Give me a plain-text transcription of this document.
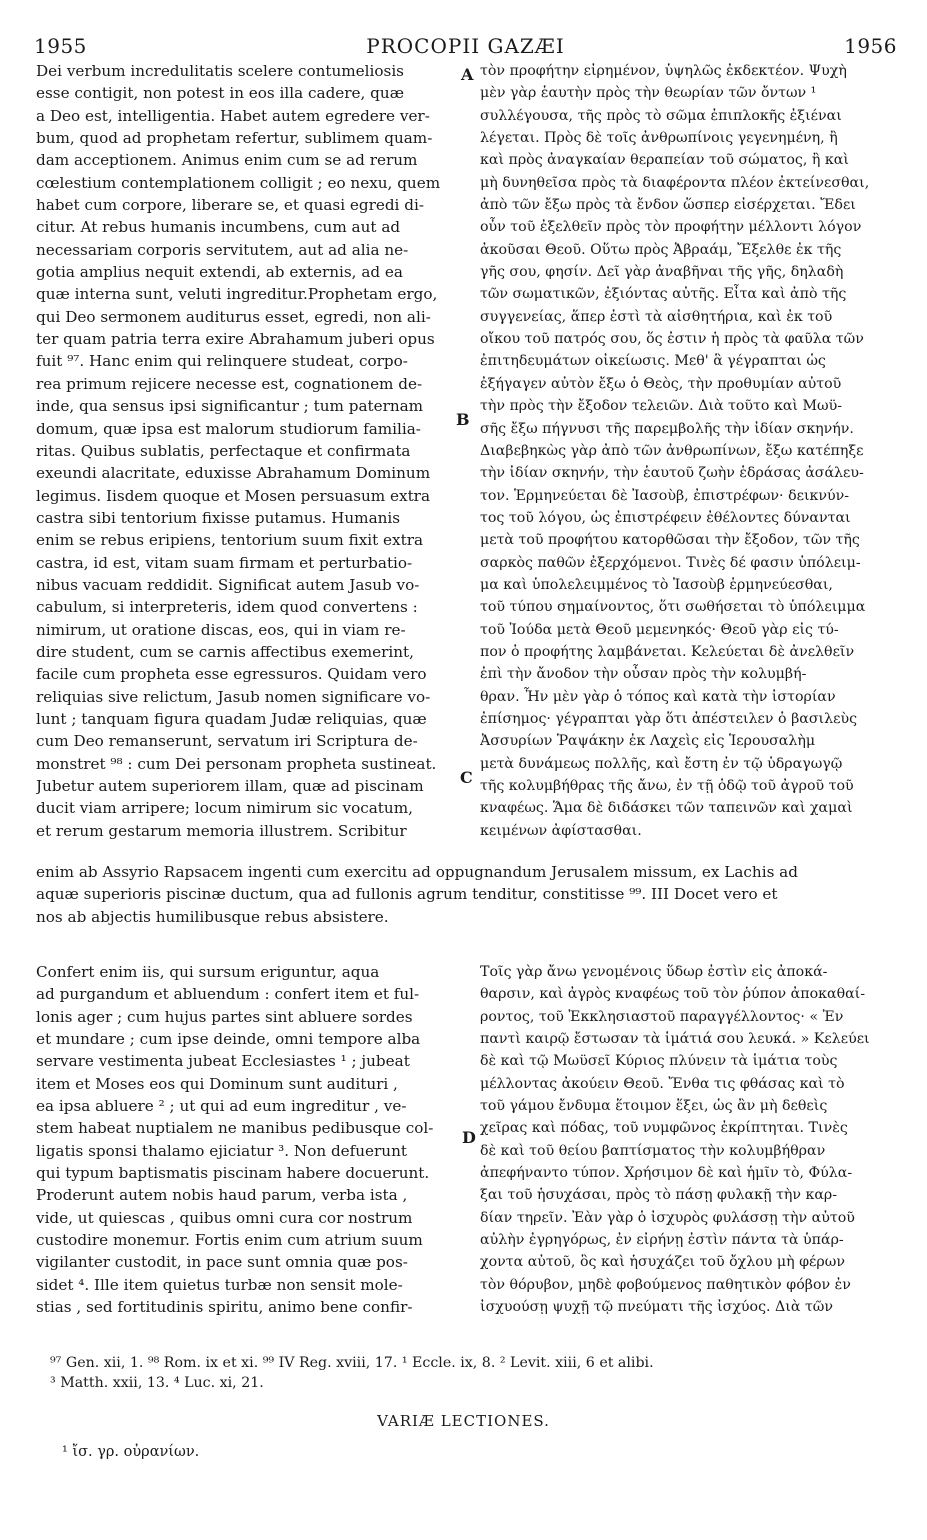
1955	PROCOPII GAZÆI	1956
Dei verbum incredulitatis scelere contumeliosis
esse contigit, non potest in eos illa cadere, quæ
a Deo est, intelligentia. Habet autem egredere ver-
bum, quod ad prophetam refertur, sublimem quam-
dam acceptionem. Animus enim cum se ad rerum
cœlestium contemplationem colligit ; eo nexu, quem
habet cum corpore, liberare se, et quasi egredi di-
citur. At rebus humanis incumbens, cum aut ad
necessariam corporis servitutem, aut ad alia ne-
gotia amplius nequit extendi, ab externis, ad ea
quæ interna sunt, veluti ingreditur.Prophetam ergo,
qui Deo sermonem auditurus esset, egredi, non ali-
ter quam patria terra exire Abrahamum juberi opus
fuit ⁹⁷. Hanc enim qui relinquere studeat, corpo-
rea primum rejicere necesse est, cognationem de-
inde, qua sensus ipsi significantur ; tum paternam
domum, quæ ipsa est malorum studiorum familia-
ritas. Quibus sublatis, perfectaque et confirmata
exeundi alacritate, eduxisse Abrahamum Dominum
legimus. Iisdem quoque et Mosen persuasum extra
castra sibi tentorium fixisse putamus. Humanis
enim se rebus eripiens, tentorium suum fixit extra
castra, id est, vitam suam firmam et perturbatio-
nibus vacuam reddidit. Significat autem Jasub vo-
cabulum, si interpreteris, idem quod convertens :
nimirum, ut oratione discas, eos, qui in viam re-
dire student, cum se carnis affectibus exemerint,
facile cum propheta esse egressuros. Quidam vero
reliquias sive relictum, Jasub nomen significare vo-
lunt ; tanquam figura quadam Judæ reliquias, quæ
cum Deo remanserunt, servatum iri Scriptura de-
monstret ⁹⁸ : cum Dei personam propheta sustineat.
Jubetur autem superiorem illam, quæ ad piscinam
ducit viam arripere; locum nimirum sic vocatum,
et rerum gestarum memoria illustrem. Scribitur
τὸν προφήτην εἰρημένον, ὑψηλῶς ἐκδεκτέον. Ψυχὴ
μὲν γὰρ ἑαυτὴν πρὸς τὴν θεωρίαν τῶν ὄντων ¹
συλλέγουσα, τῆς πρὸς τὸ σῶμα ἐπιπλοκῆς ἐξιέναι
λέγεται. Πρὸς δὲ τοῖς ἀνθρωπίνοις γεγενημένη, ἢ
καὶ πρὸς ἀναγκαίαν θεραπείαν τοῦ σώματος, ἢ καὶ
μὴ δυνηθεῖσα πρὸς τὰ διαφέροντα πλέον ἐκτείνεσθαι,
ἀπὸ τῶν ἔξω πρὸς τὰ ἔνδον ὥσπερ εἰσέρχεται. Ἔδει
οὖν τοῦ ἐξελθεῖν πρὸς τὸν προφήτην μέλλοντι λόγον
ἀκοῦσαι Θεοῦ. Οὕτω πρὸς Ἀβραάμ, Ἔξελθε ἐκ τῆς
γῆς σου, φησίν. Δεῖ γὰρ ἀναβῆναι τῆς γῆς, δηλαδὴ
τῶν σωματικῶν, ἐξιόντας αὐτῆς. Εἶτα καὶ ἀπὸ τῆς
συγγενείας, ἅπερ ἐστὶ τὰ αἰσθητήρια, καὶ ἐκ τοῦ
οἴκου τοῦ πατρός σου, ὅς ἐστιν ἡ πρὸς τὰ φαῦλα τῶν
ἐπιτηδευμάτων οἰκείωσις. Μεθ' ἃ γέγραπται ὡς
ἐξήγαγεν αὐτὸν ἔξω ὁ Θεὸς, τὴν προθυμίαν αὐτοῦ
τὴν πρὸς τὴν ἔξοδον τελειῶν. Διὰ τοῦτο καὶ Μωϋ-
σῆς ἔξω πήγνυσι τῆς παρεμβολῆς τὴν ἰδίαν σκηνήν.
Διαβεβηκὼς γὰρ ἀπὸ τῶν ἀνθρωπίνων, ἔξω κατέπηξε
τὴν ἰδίαν σκηνήν, τὴν ἑαυτοῦ ζωὴν ἑδράσας ἀσάλευ-
τον. Ἑρμηνεύεται δὲ Ἰασοὺβ, ἐπιστρέφων· δεικνύν-
τος τοῦ λόγου, ὡς ἐπιστρέφειν ἐθέλοντες δύνανται
μετὰ τοῦ προφήτου κατορθῶσαι τὴν ἔξοδον, τῶν τῆς
σαρκὸς παθῶν ἐξερχόμενοι. Τινὲς δέ φασιν ὑπόλειμ-
μα καὶ ὑπολελειμμένος τὸ Ἰασοὺβ ἑρμηνεύεσθαι,
τοῦ τύπου σημαίνοντος, ὅτι σωθήσεται τὸ ὑπόλειμμα
τοῦ Ἰούδα μετὰ Θεοῦ μεμενηκός· Θεοῦ γὰρ εἰς τύ-
πον ὁ προφήτης λαμβάνεται. Κελεύεται δὲ ἀνελθεῖν
ἐπὶ τὴν ἄνοδον τὴν οὖσαν πρὸς τὴν κολυμβή-
θραν. Ἦν μὲν γὰρ ὁ τόπος καὶ κατὰ τὴν ἱστορίαν
ἐπίσημος· γέγραπται γὰρ ὅτι ἀπέστειλεν ὁ βασιλεὺς
Ἀσσυρίων Ῥαψάκην ἐκ Λαχεὶς εἰς Ἱερουσαλὴμ
μετὰ δυνάμεως πολλῆς, καὶ ἔστη ἐν τῷ ὑδραγωγῷ
τῆς κολυμβήθρας τῆς ἄνω, ἐν τῇ ὁδῷ τοῦ ἀγροῦ τοῦ
κναφέως. Ἅμα δὲ διδάσκει τῶν ταπεινῶν καὶ χαμαὶ
κειμένων ἀφίστασθαι.
A
B
C
D
enim ab Assyrio Rapsacem ingenti cum exercitu ad oppugnandum Jerusalem missum, ex Lachis ad
aquæ superioris piscinæ ductum, qua ad fullonis agrum tenditur, constitisse ⁹⁹. III Docet vero et
nos ab abjectis humilibusque rebus absistere.
Confert enim iis, qui sursum eriguntur, aqua
ad purgandum et abluendum : confert item et ful-
lonis ager ; cum hujus partes sint abluere sordes
et mundare ; cum ipse deinde, omni tempore alba
servare vestimenta jubeat Ecclesiastes ¹ ; jubeat
item et Moses eos qui Dominum sunt audituri ,
ea ipsa abluere ² ; ut qui ad eum ingreditur , ve-
stem habeat nuptialem ne manibus pedibusque col-
ligatis sponsi thalamo ejiciatur ³. Non defuerunt
qui typum baptismatis piscinam habere docuerunt.
Proderunt autem nobis haud parum, verba ista ,
vide, ut quiescas , quibus omni cura cor nostrum
custodire monemur. Fortis enim cum atrium suum
vigilanter custodit, in pace sunt omnia quæ pos-
sidet ⁴. Ille item quietus turbæ non sensit mole-
stias , sed fortitudinis spiritu, animo bene confir-
Τοῖς γὰρ ἄνω γενομένοις ὕδωρ ἐστὶν εἰς ἀποκά-
θαρσιν, καὶ ἀγρὸς κναφέως τοῦ τὸν ῥύπον ἀποκαθαί-
ροντος, τοῦ Ἐκκλησιαστοῦ παραγγέλλοντος· « Ἐν
παντὶ καιρῷ ἔστωσαν τὰ ἱμάτιά σου λευκά. » Κελεύει
δὲ καὶ τῷ Μωϋσεῖ Κύριος πλύνειν τὰ ἱμάτια τοὺς
μέλλοντας ἀκούειν Θεοῦ. Ἔνθα τις φθάσας καὶ τὸ
τοῦ γάμου ἔνδυμα ἕτοιμον ἕξει, ὡς ἂν μὴ δεθεὶς
χεῖρας καὶ πόδας, τοῦ νυμφῶνος ἐκρίπτηται. Τινὲς
δὲ καὶ τοῦ θείου βαπτίσματος τὴν κολυμβήθραν
ἀπεφήναντο τύπον. Χρήσιμον δὲ καὶ ἡμῖν τὸ, Φύλα-
ξαι τοῦ ἡσυχάσαι, πρὸς τὸ πάσῃ φυλακῇ τὴν καρ-
δίαν τηρεῖν. Ἐὰν γὰρ ὁ ἰσχυρὸς φυλάσσῃ τὴν αὐτοῦ
αὐλὴν ἐγρηγόρως, ἐν εἰρήνῃ ἐστὶν πάντα τὰ ὑπάρ-
χοντα αὐτοῦ, ὃς καὶ ἡσυχάζει τοῦ ὄχλου μὴ φέρων
τὸν θόρυβον, μηδὲ φοβούμενος παθητικὸν φόβον ἐν
ἰσχυούσῃ ψυχῇ τῷ πνεύματι τῆς ἰσχύος. Διὰ τῶν
⁹⁷ Gen. xii, 1. ⁹⁸ Rom. ix et xi. ⁹⁹ IV Reg. xviii, 17. ¹ Eccle. ix, 8. ² Levit. xiii, 6 et alibi.
³ Matth. xxii, 13. ⁴ Luc. xi, 21.
VARIÆ LECTIONES.
¹ ἴσ. γρ. οὐρανίων.
